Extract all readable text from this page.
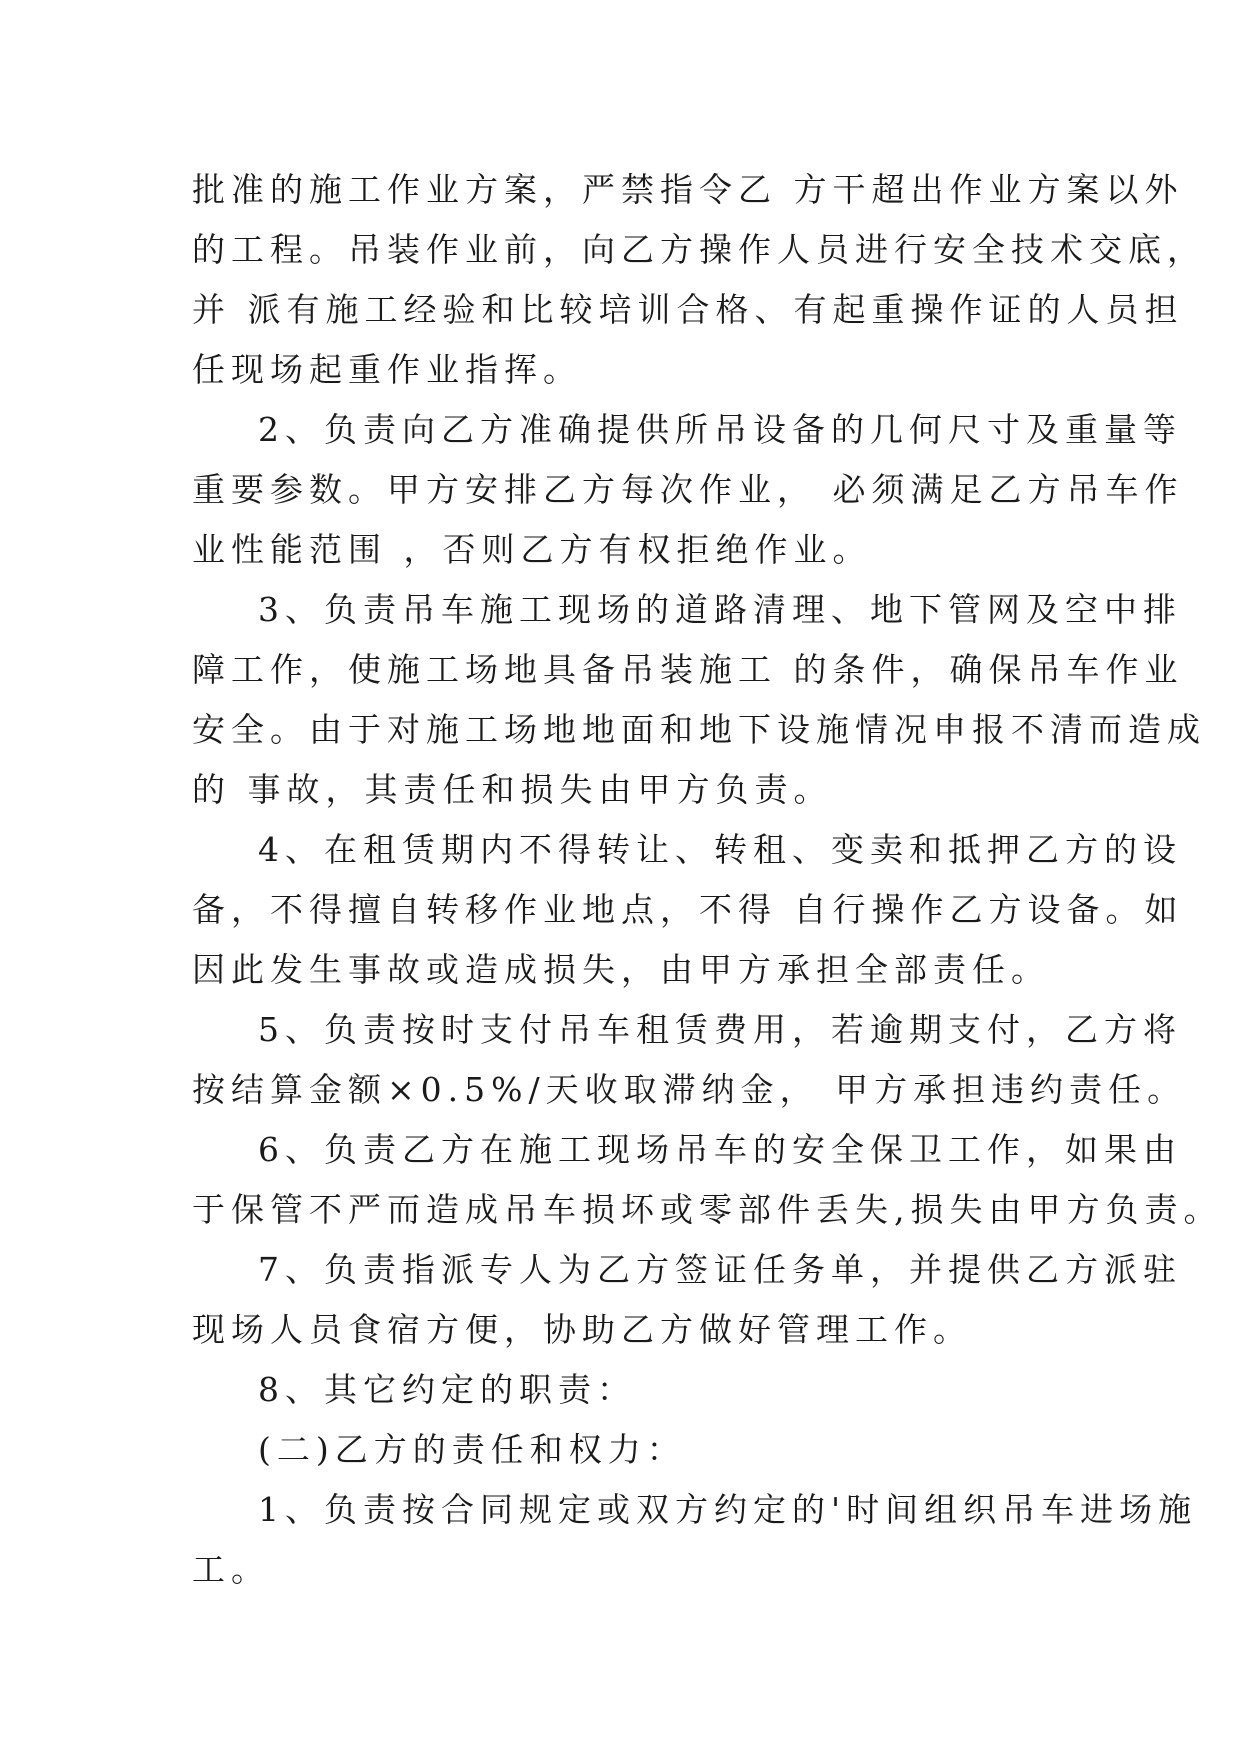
批准的施工作业方案，严禁指令乙 方干超出作业方案以外
的工程。吊装作业前，向乙方操作人员进行安全技术交底，
并 派有施工经验和比较培训合格、有起重操作证的人员担
任现场起重作业指挥。
2、负责向乙方准确提供所吊设备的几何尺寸及重量等
重要参数。甲方安排乙方每次作业， 必须满足乙方吊车作
业性能范围 ，否则乙方有权拒绝作业。
3、负责吊车施工现场的道路清理、地下管网及空中排
障工作，使施工场地具备吊装施工 的条件，确保吊车作业
安全。由于对施工场地地面和地下设施情况申报不清而造成
的 事故，其责任和损失由甲方负责。
4、在租赁期内不得转让、转租、变卖和抵押乙方的设
备，不得擅自转移作业地点，不得 自行操作乙方设备。如
因此发生事故或造成损失，由甲方承担全部责任。
5、负责按时支付吊车租赁费用，若逾期支付，乙方将
按结算金额×0.5%/天收取滞纳金， 甲方承担违约责任。
6、负责乙方在施工现场吊车的安全保卫工作，如果由
于保管不严而造成吊车损坏或零部件丢失,损失由甲方负责。
7、负责指派专人为乙方签证任务单，并提供乙方派驻
现场人员食宿方便，协助乙方做好管理工作。
8、其它约定的职责：
(二)乙方的责任和权力：
1、负责按合同规定或双方约定的'时间组织吊车进场施
工。
